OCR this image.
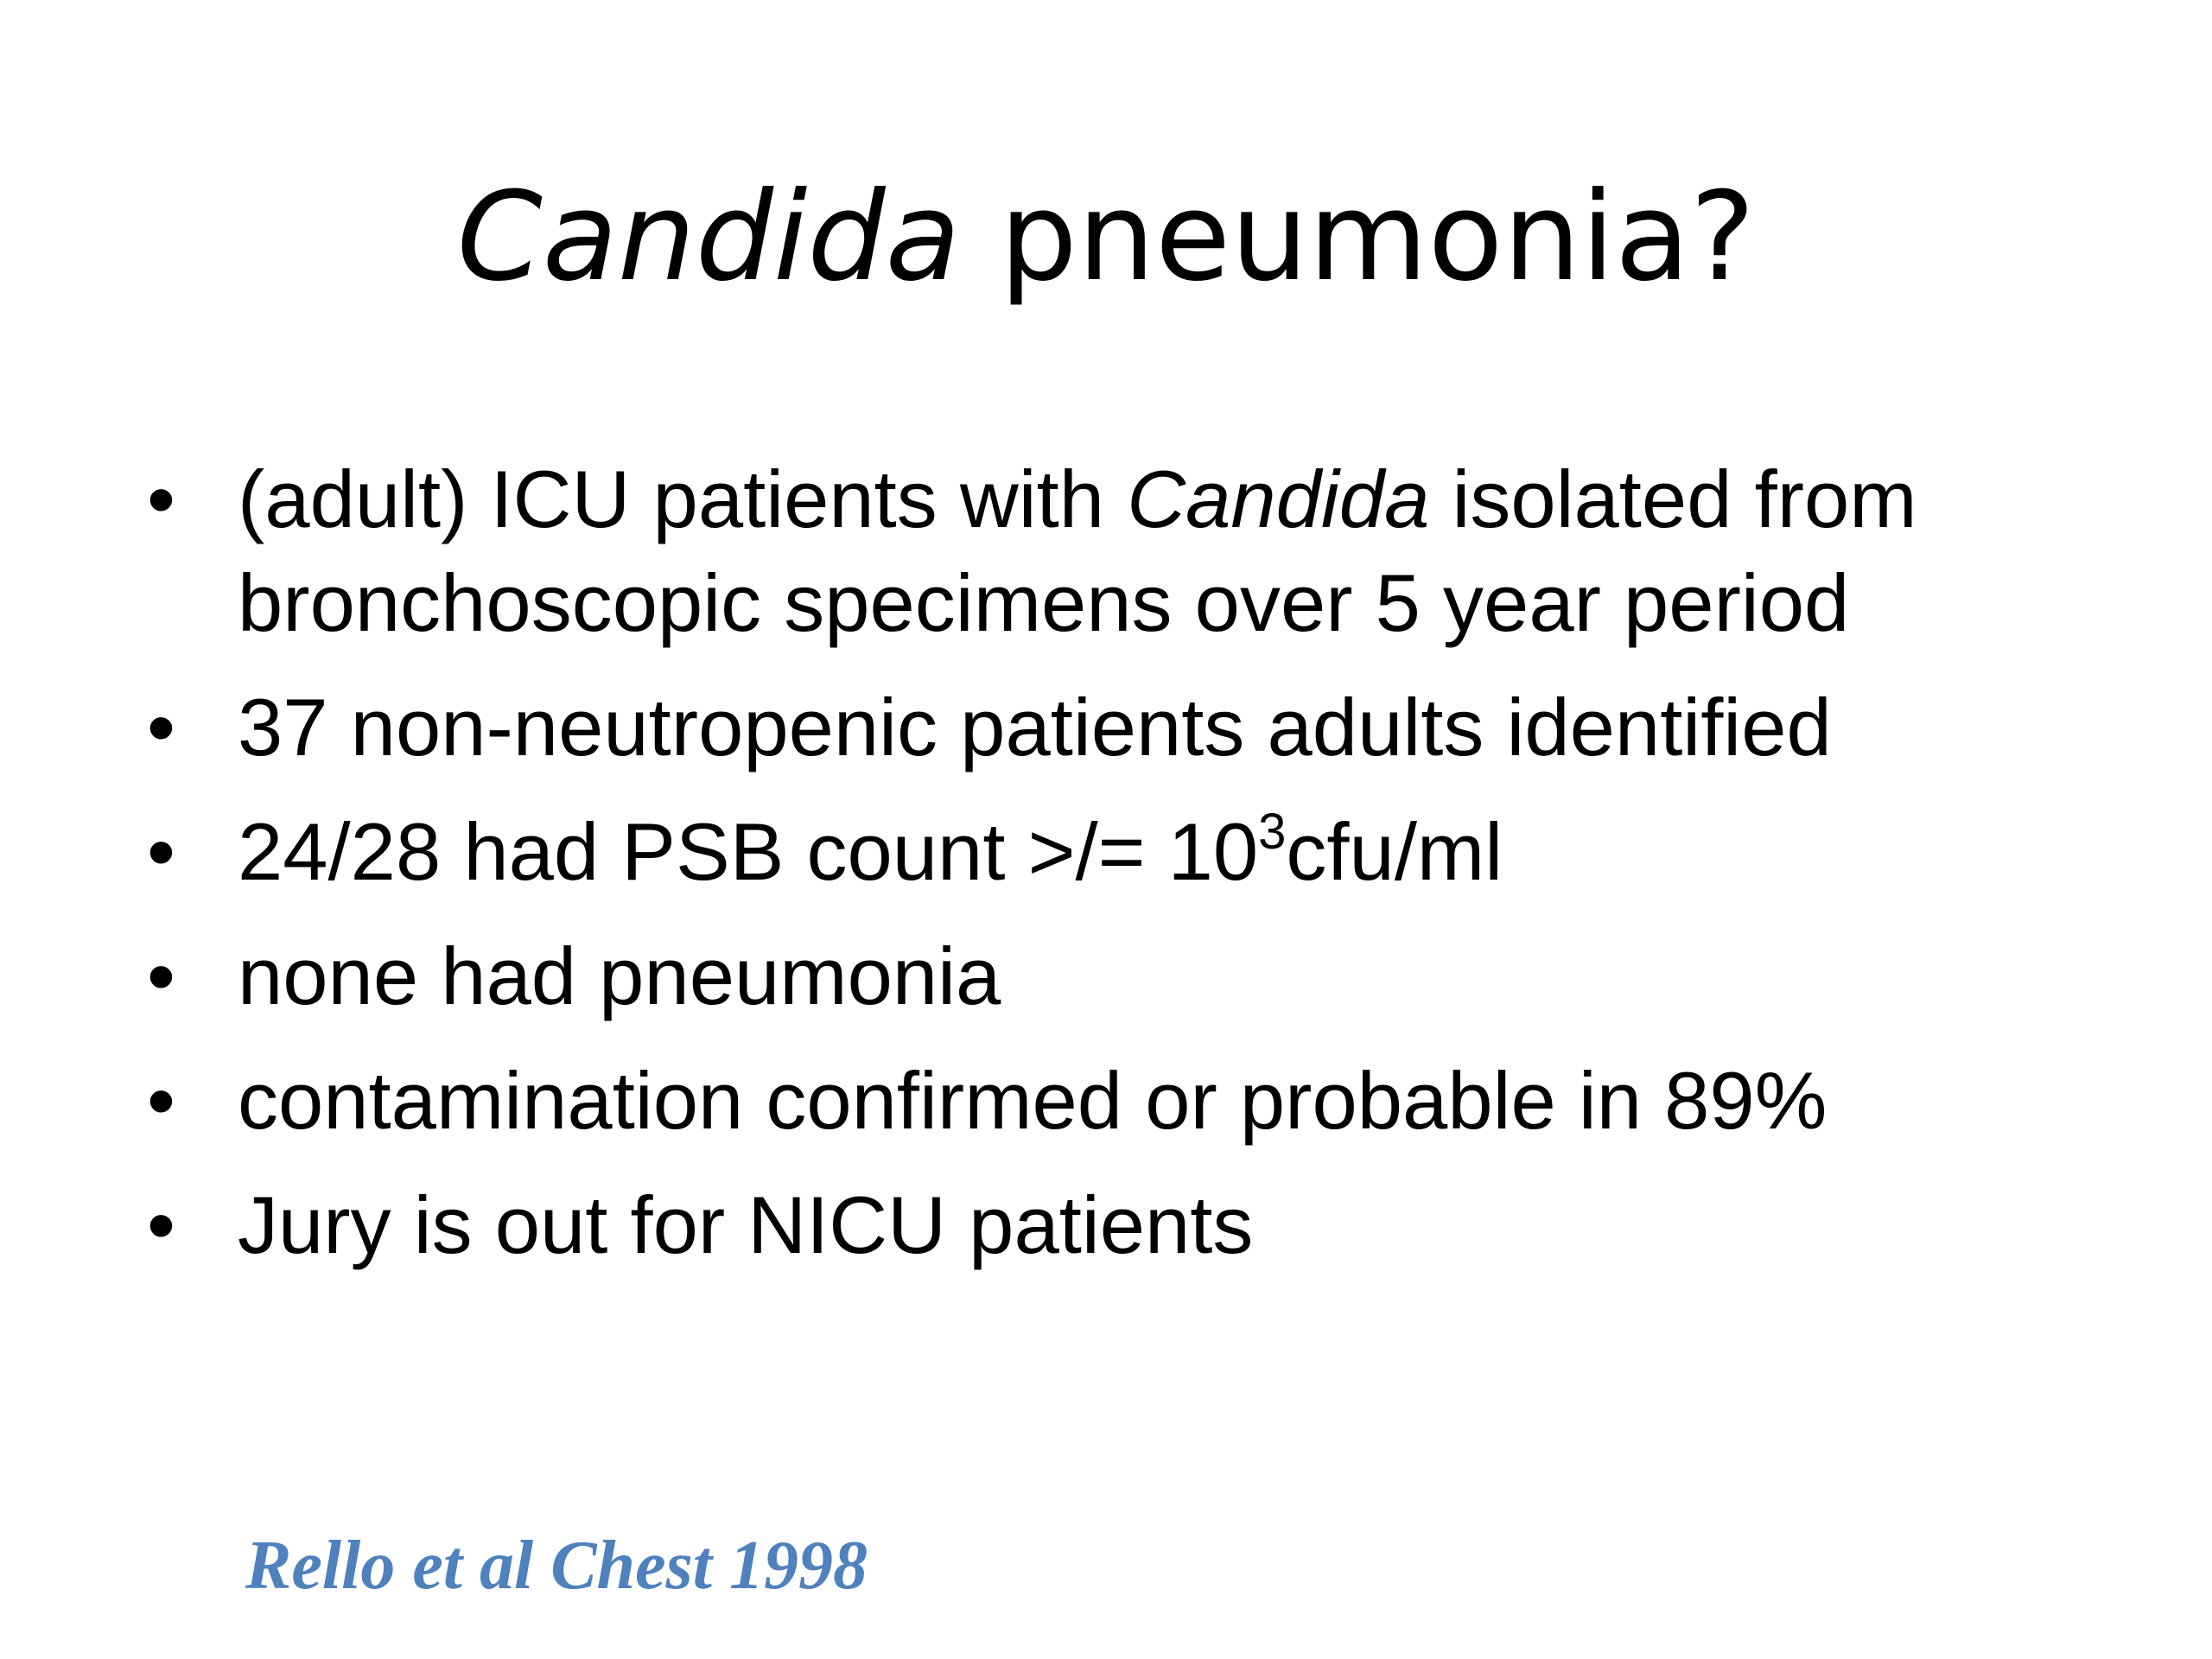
Candida pneumonia?
• (adult) ICU patients with Candida isolated from
bronchoscopic specimens over 5 year period
• 37 non-neutropenic patients adults identified
• 24/28 had PSB count >/= $10^3cfu/ml$
• none had pneumonia
• contamination confirmed or probable in 89%
• Jury is out for NICU patients
Rello et al Chest 1998
